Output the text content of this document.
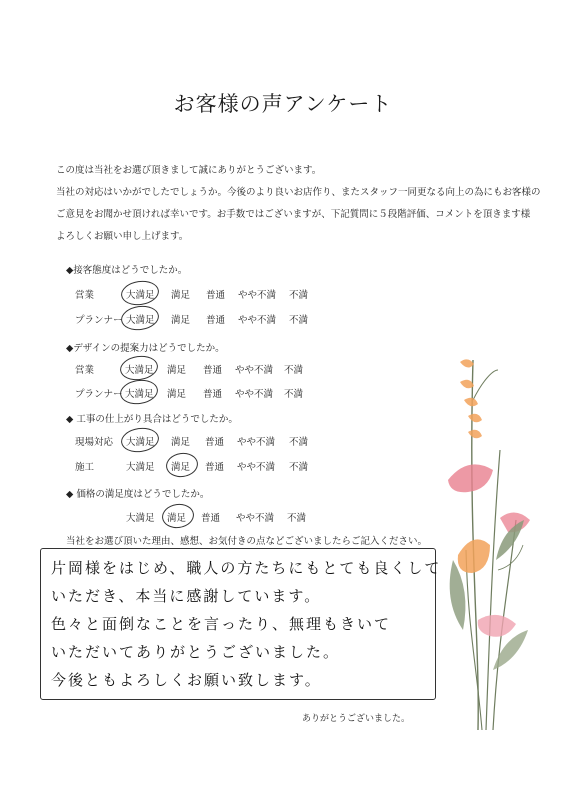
お客様の声アンケート

この度は当社をお選び頂きまして誠にありがとうございます。

当社の対応はいかがでしたでしょうか。今後のより良いお店作り、またスタッフ一同更なる向上の為にもお客様の

ご意見をお聞かせ頂ければ幸いです。お手数ではございますが、下記質問に５段階評価、コメントを頂きます様

よろしくお願い申し上げます。

◆接客態度はどうでしたか。
営業	大満足 満足 普通 やや不満 不満
プランナー 大満足 満足 普通 やや不満 不満
◆デザインの提案力はどうでしたか。
営業	大満足 満足 普通 やや不満 不満
プランナー 大満足 満足 普通 やや不満 不満
◆ 工事の仕上がり具合はどうでしたか。
現場対応 大満足 満足 普通 やや不満 不満
施工	大満足 満足 普通 やや不満 不満
◆ 価格の満足度はどうでしたか。
大満足 満足 普通 やや不満 不満
当社をお選び頂いた理由、感想、お気付きの点などございましたらご記入ください。

片岡様をはじめ、職人の方たちにもとても良くして

いただき、本当に感謝しています。

色々と面倒なことを言ったり、無理もきいて

いただいてありがとうございました。

今後ともよろしくお願い致します。

ありがとうございました。
